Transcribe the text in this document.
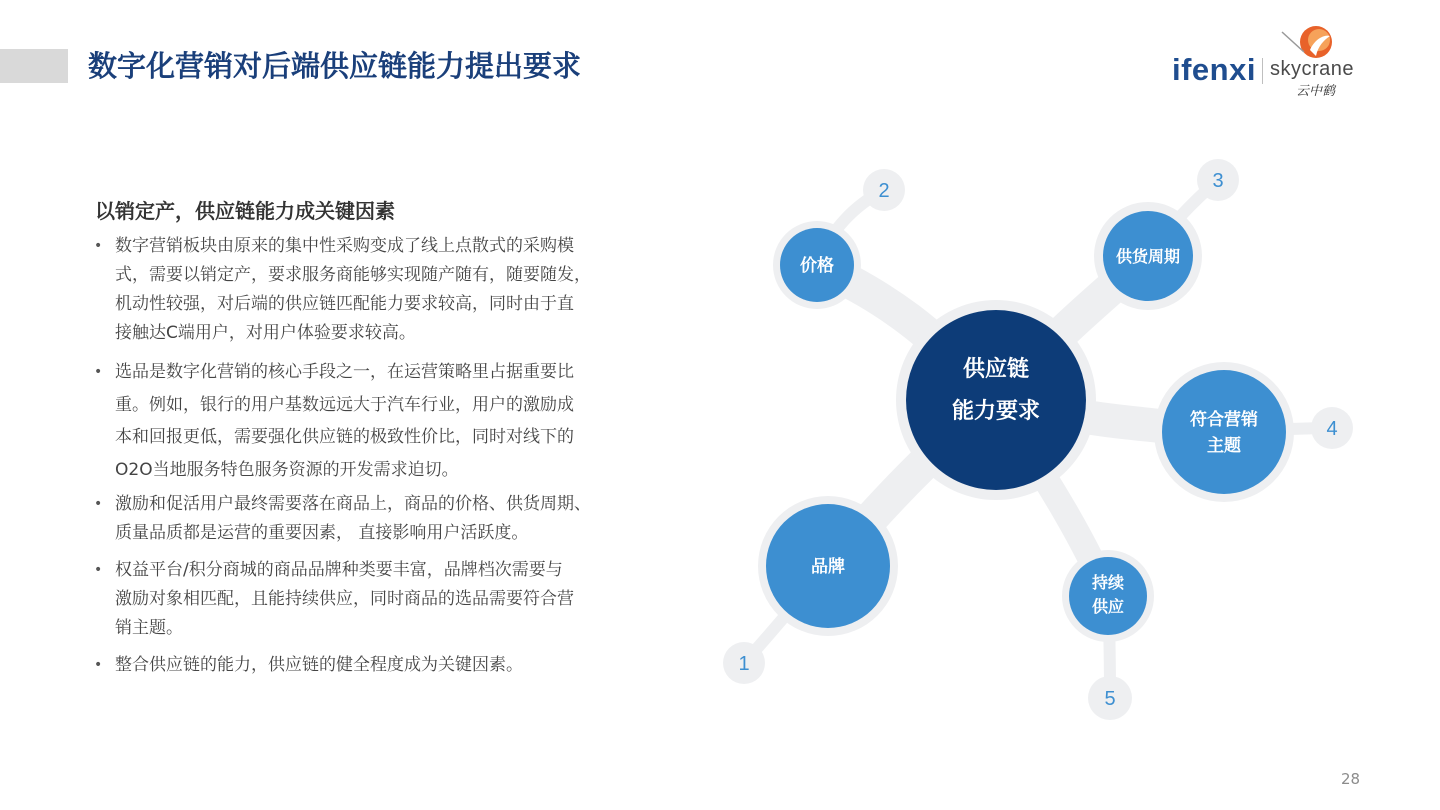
数字化营销对后端供应链能力提出要求	ifenxi skycrane
云中鹤
以销定产，供应链能力成关键因素
• 数字营销板块由原来的集中性采购变成了线上点散式的采购模
式，需要以销定产，要求服务商能够实现随产随有，随要随发，
机动性较强，对后端的供应链匹配能力要求较高，同时由于直
接触达C端用户，对用户体验要求较高。
• 选品是数字化营销的核心手段之一，在运营策略里占据重要比
重。例如，银行的用户基数远远大于汽车行业，用户的激励成
本和回报更低，需要强化供应链的极致性价比，同时对线下的
O2O当地服务特色服务资源的开发需求迫切。
• 激励和促活用户最终需要落在商品上，商品的价格、供货周期、
质量品质都是运营的重要因素， 直接影响用户活跃度。
• 权益平台/积分商城的商品品牌种类要丰富，品牌档次需要与
激励对象相匹配，且能持续供应，同时商品的选品需要符合营
销主题。
• 整合供应链的能力，供应链的健全程度成为关键因素。
2	3
4
5
1
供应链
能力要求
价格	供货周期
符合营销
主题
持续
供应
品牌
28
